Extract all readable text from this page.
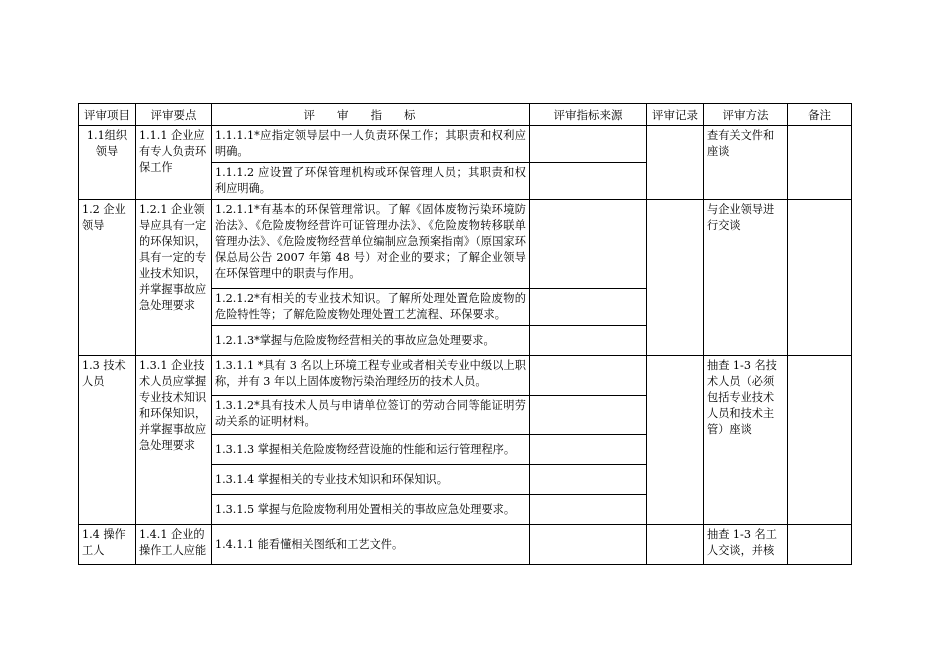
评审项目	评审要点	评审指标	评审指标来源	评审记录	评审方法	备注

1.1组织领导	1.1.1 企业应有专人负责环保工作	1.1.1.1*应指定领导层中一人负责环保工作；其职责和权利应明确。			查有关文件和座谈	
		1.1.1.2 应设置了环保管理机构或环保管理人员；其职责和权利应明确。				
1.2 企业领导	1.2.1 企业领导应具有一定的环保知识，具有一定的专业技术知识，并掌握事故应急处理要求	1.2.1.1*有基本的环保管理常识。了解《固体废物污染环境防治法》、《危险废物经营许可证管理办法》、《危险废物转移联单管理办法》、《危险废物经营单位编制应急预案指南》（原国家环保总局公告 2007 年第 48 号）对企业的要求；了解企业领导在环保管理中的职责与作用。			与企业领导进行交谈	
		1.2.1.2*有相关的专业技术知识。了解所处理处置危险废物的危险特性等；了解危险废物处理处置工艺流程、环保要求。				
		1.2.1.3*掌握与危险废物经营相关的事故应急处理要求。				
1.3 技术人员	1.3.1 企业技术人员应掌握专业技术知识和环保知识，并掌握事故应急处理要求	1.3.1.1 *具有 3 名以上环境工程专业或者相关专业中级以上职称，并有 3 年以上固体废物污染治理经历的技术人员。			抽查 1-3 名技术人员（必须包括专业技术人员和技术主管）座谈	
		1.3.1.2*具有技术人员与申请单位签订的劳动合同等能证明劳动关系的证明材料。				
		1.3.1.3 掌握相关危险废物经营设施的性能和运行管理程序。				
		1.3.1.4 掌握相关的专业技术知识和环保知识。				
		1.3.1.5 掌握与危险废物利用处置相关的事故应急处理要求。				
1.4 操作工人	1.4.1 企业的操作工人应能	1.4.1.1 能看懂相关图纸和工艺文件。			抽查 1-3 名工人交谈，并核	
